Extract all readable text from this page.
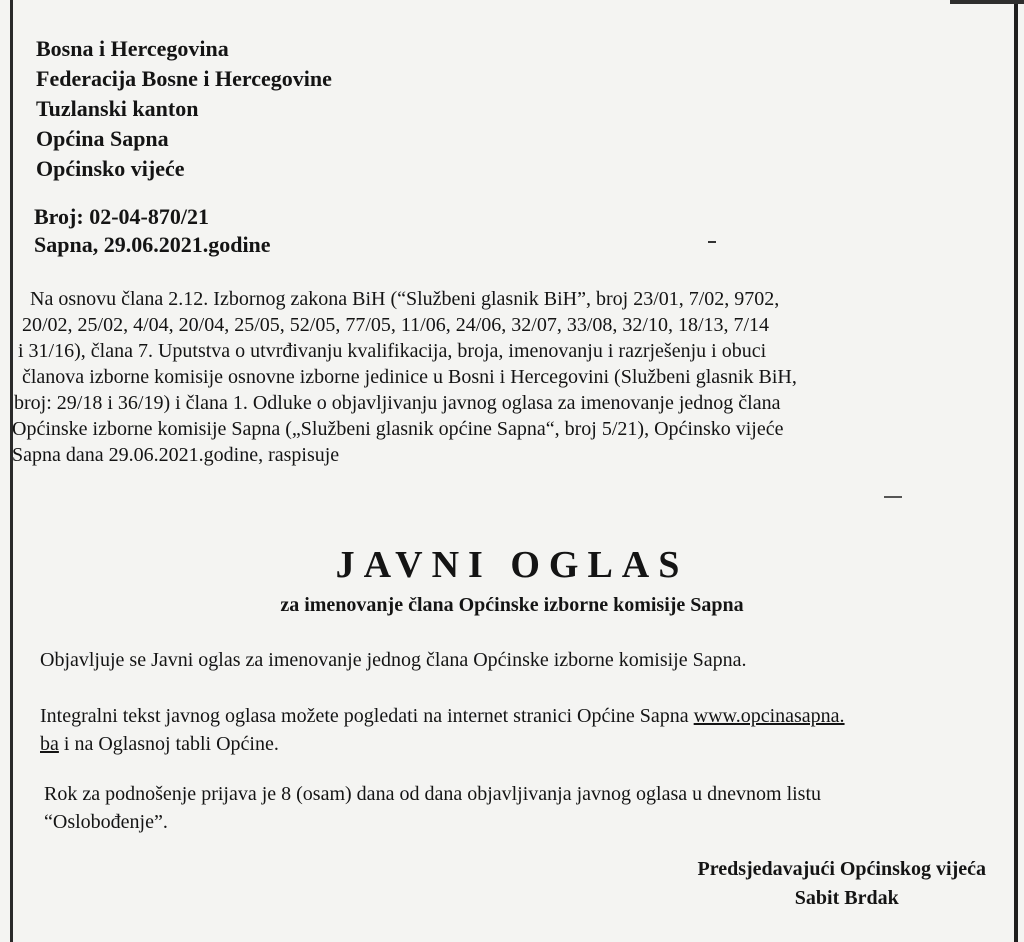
Bosna i Hercegovina
Federacija Bosne i Hercegovine
Tuzlanski kanton
Općina Sapna
Općinsko vijeće
Broj: 02-04-870/21
Sapna, 29.06.2021.godine
Na osnovu člana 2.12. Izbornog zakona BiH (“Službeni glasnik BiH”, broj 23/01, 7/02, 9702,
20/02, 25/02, 4/04, 20/04, 25/05, 52/05, 77/05, 11/06, 24/06, 32/07, 33/08, 32/10, 18/13, 7/14
i 31/16), člana 7. Uputstva o utvrđivanju kvalifikacija, broja, imenovanju i razrješenju i obuci
članova izborne komisije osnovne izborne jedinice u Bosni i Hercegovini (Službeni glasnik BiH,
broj: 29/18 i 36/19) i člana 1. Odluke o objavljivanju javnog oglasa za imenovanje jednog člana
Općinske izborne komisije Sapna („Službeni glasnik općine Sapna“, broj 5/21), Općinsko vijeće
Sapna dana 29.06.2021.godine, raspisuje
JAVNI OGLAS
za imenovanje člana Općinske izborne komisije Sapna
Objavljuje se Javni oglas za imenovanje jednog člana Općinske izborne komisije Sapna.
Integralni tekst javnog oglasa možete pogledati na internet stranici Općine Sapna www.opcinasapna.
ba i na Oglasnoj tabli Općine.
Rok za podnošenje prijava je 8 (osam) dana od dana objavljivanja javnog oglasa u dnevnom listu
“Oslobođenje”.
Predsjedavajući Općinskog vijeća
Sabit Brdak
